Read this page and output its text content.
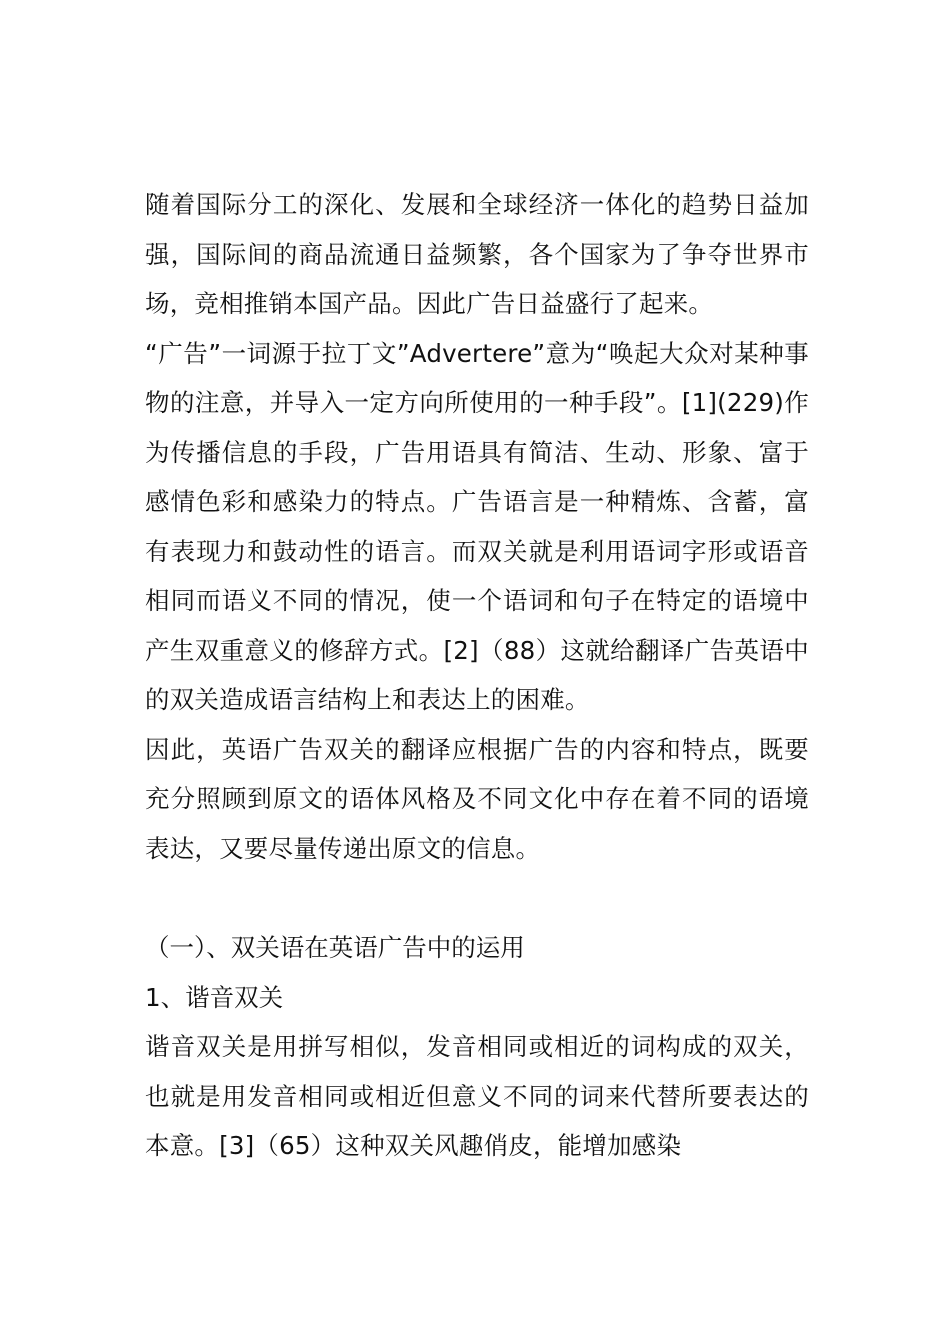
随着国际分工的深化、发展和全球经济一体化的趋势日益加强，国际间的商品流通日益频繁，各个国家为了争夺世界市场，竞相推销本国产品。因此广告日益盛行了起来。

“广告”一词源于拉丁文”Advertere”意为“唤起大众对某种事物的注意，并导入一定方向所使用的一种手段”。[1](229)作为传播信息的手段，广告用语具有简洁、生动、形象、富于感情色彩和感染力的特点。广告语言是一种精炼、含蓄，富有表现力和鼓动性的语言。而双关就是利用语词字形或语音相同而语义不同的情况，使一个语词和句子在特定的语境中产生双重意义的修辞方式。[2]（88）这就给翻译广告英语中的双关造成语言结构上和表达上的困难。

因此，英语广告双关的翻译应根据广告的内容和特点，既要充分照顾到原文的语体风格及不同文化中存在着不同的语境表达，又要尽量传递出原文的信息。

（一）、双关语在英语广告中的运用

1、谐音双关

谐音双关是用拼写相似，发音相同或相近的词构成的双关，也就是用发音相同或相近但意义不同的词来代替所要表达的本意。[3]（65）这种双关风趣俏皮，能增加感染
